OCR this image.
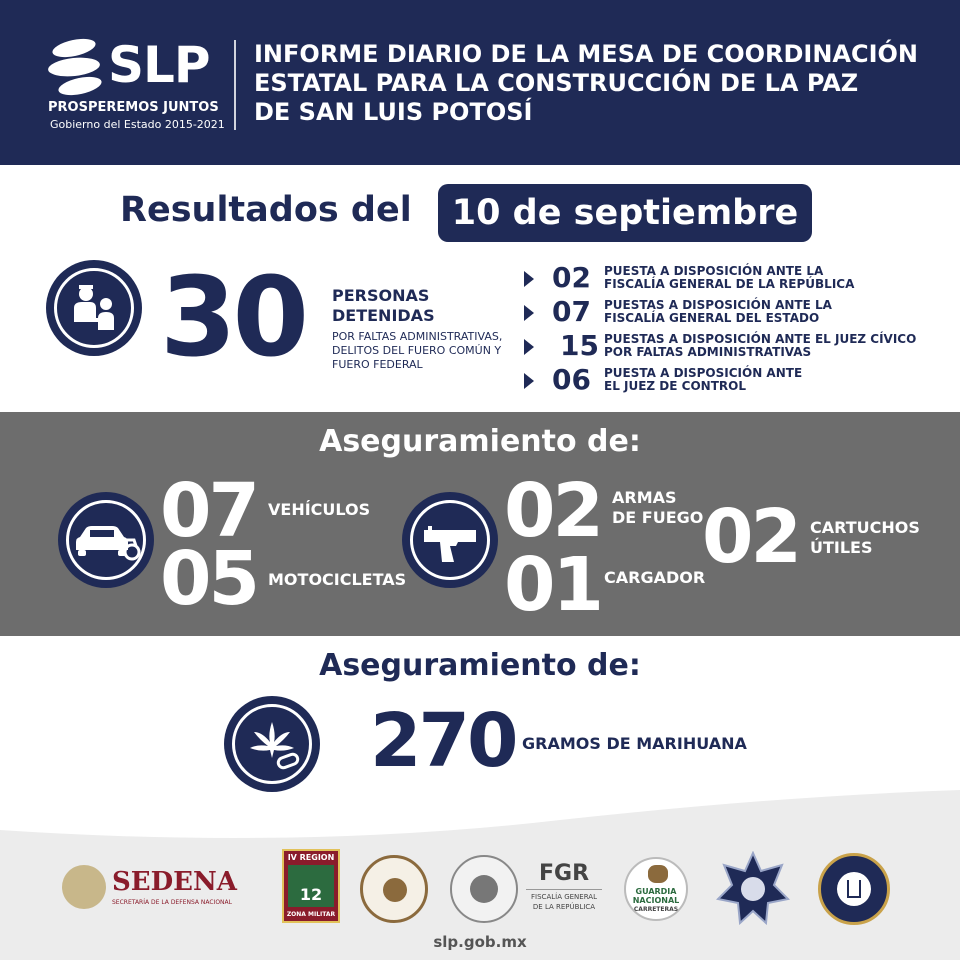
SLP
PROSPEREMOS JUNTOS
Gobierno del Estado 2015-2021
INFORME DIARIO DE LA MESA DE COORDINACIÓN
ESTATAL PARA LA CONSTRUCCIÓN DE LA PAZ
DE SAN LUIS POTOSÍ
Resultados del	10 de septiembre
30 PERSONAS
DETENIDAS
POR FALTAS ADMINISTRATIVAS,
DELITOS DEL FUERO COMÚN Y
FUERO FEDERAL
02 PUESTA A DISPOSICIÓN ANTE LA
FISCALÍA GENERAL DE LA REPÚBLICA
07 PUESTAS A DISPOSICIÓN ANTE LA
FISCALÍA GENERAL DEL ESTADO
15 PUESTAS A DISPOSICIÓN ANTE EL JUEZ CÍVICO
POR FALTAS ADMINISTRATIVAS
06 PUESTA A DISPOSICIÓN ANTE
EL JUEZ DE CONTROL
Aseguramiento de:
07 VEHÍCULOS
05 MOTOCICLETAS
02 ARMAS
DE FUEGO
01 CARGADOR
02 CARTUCHOS
ÚTILES
Aseguramiento de:
270 GRAMOS DE MARIHUANA
SEDENA
SECRETARÍA DE LA DEFENSA NACIONAL
IV REGION
12
ZONA MILITAR
FGR
FISCALÍA GENERAL
DE LA REPÚBLICA
GUARDIA
NACIONAL
CARRETERAS
slp.gob.mx
